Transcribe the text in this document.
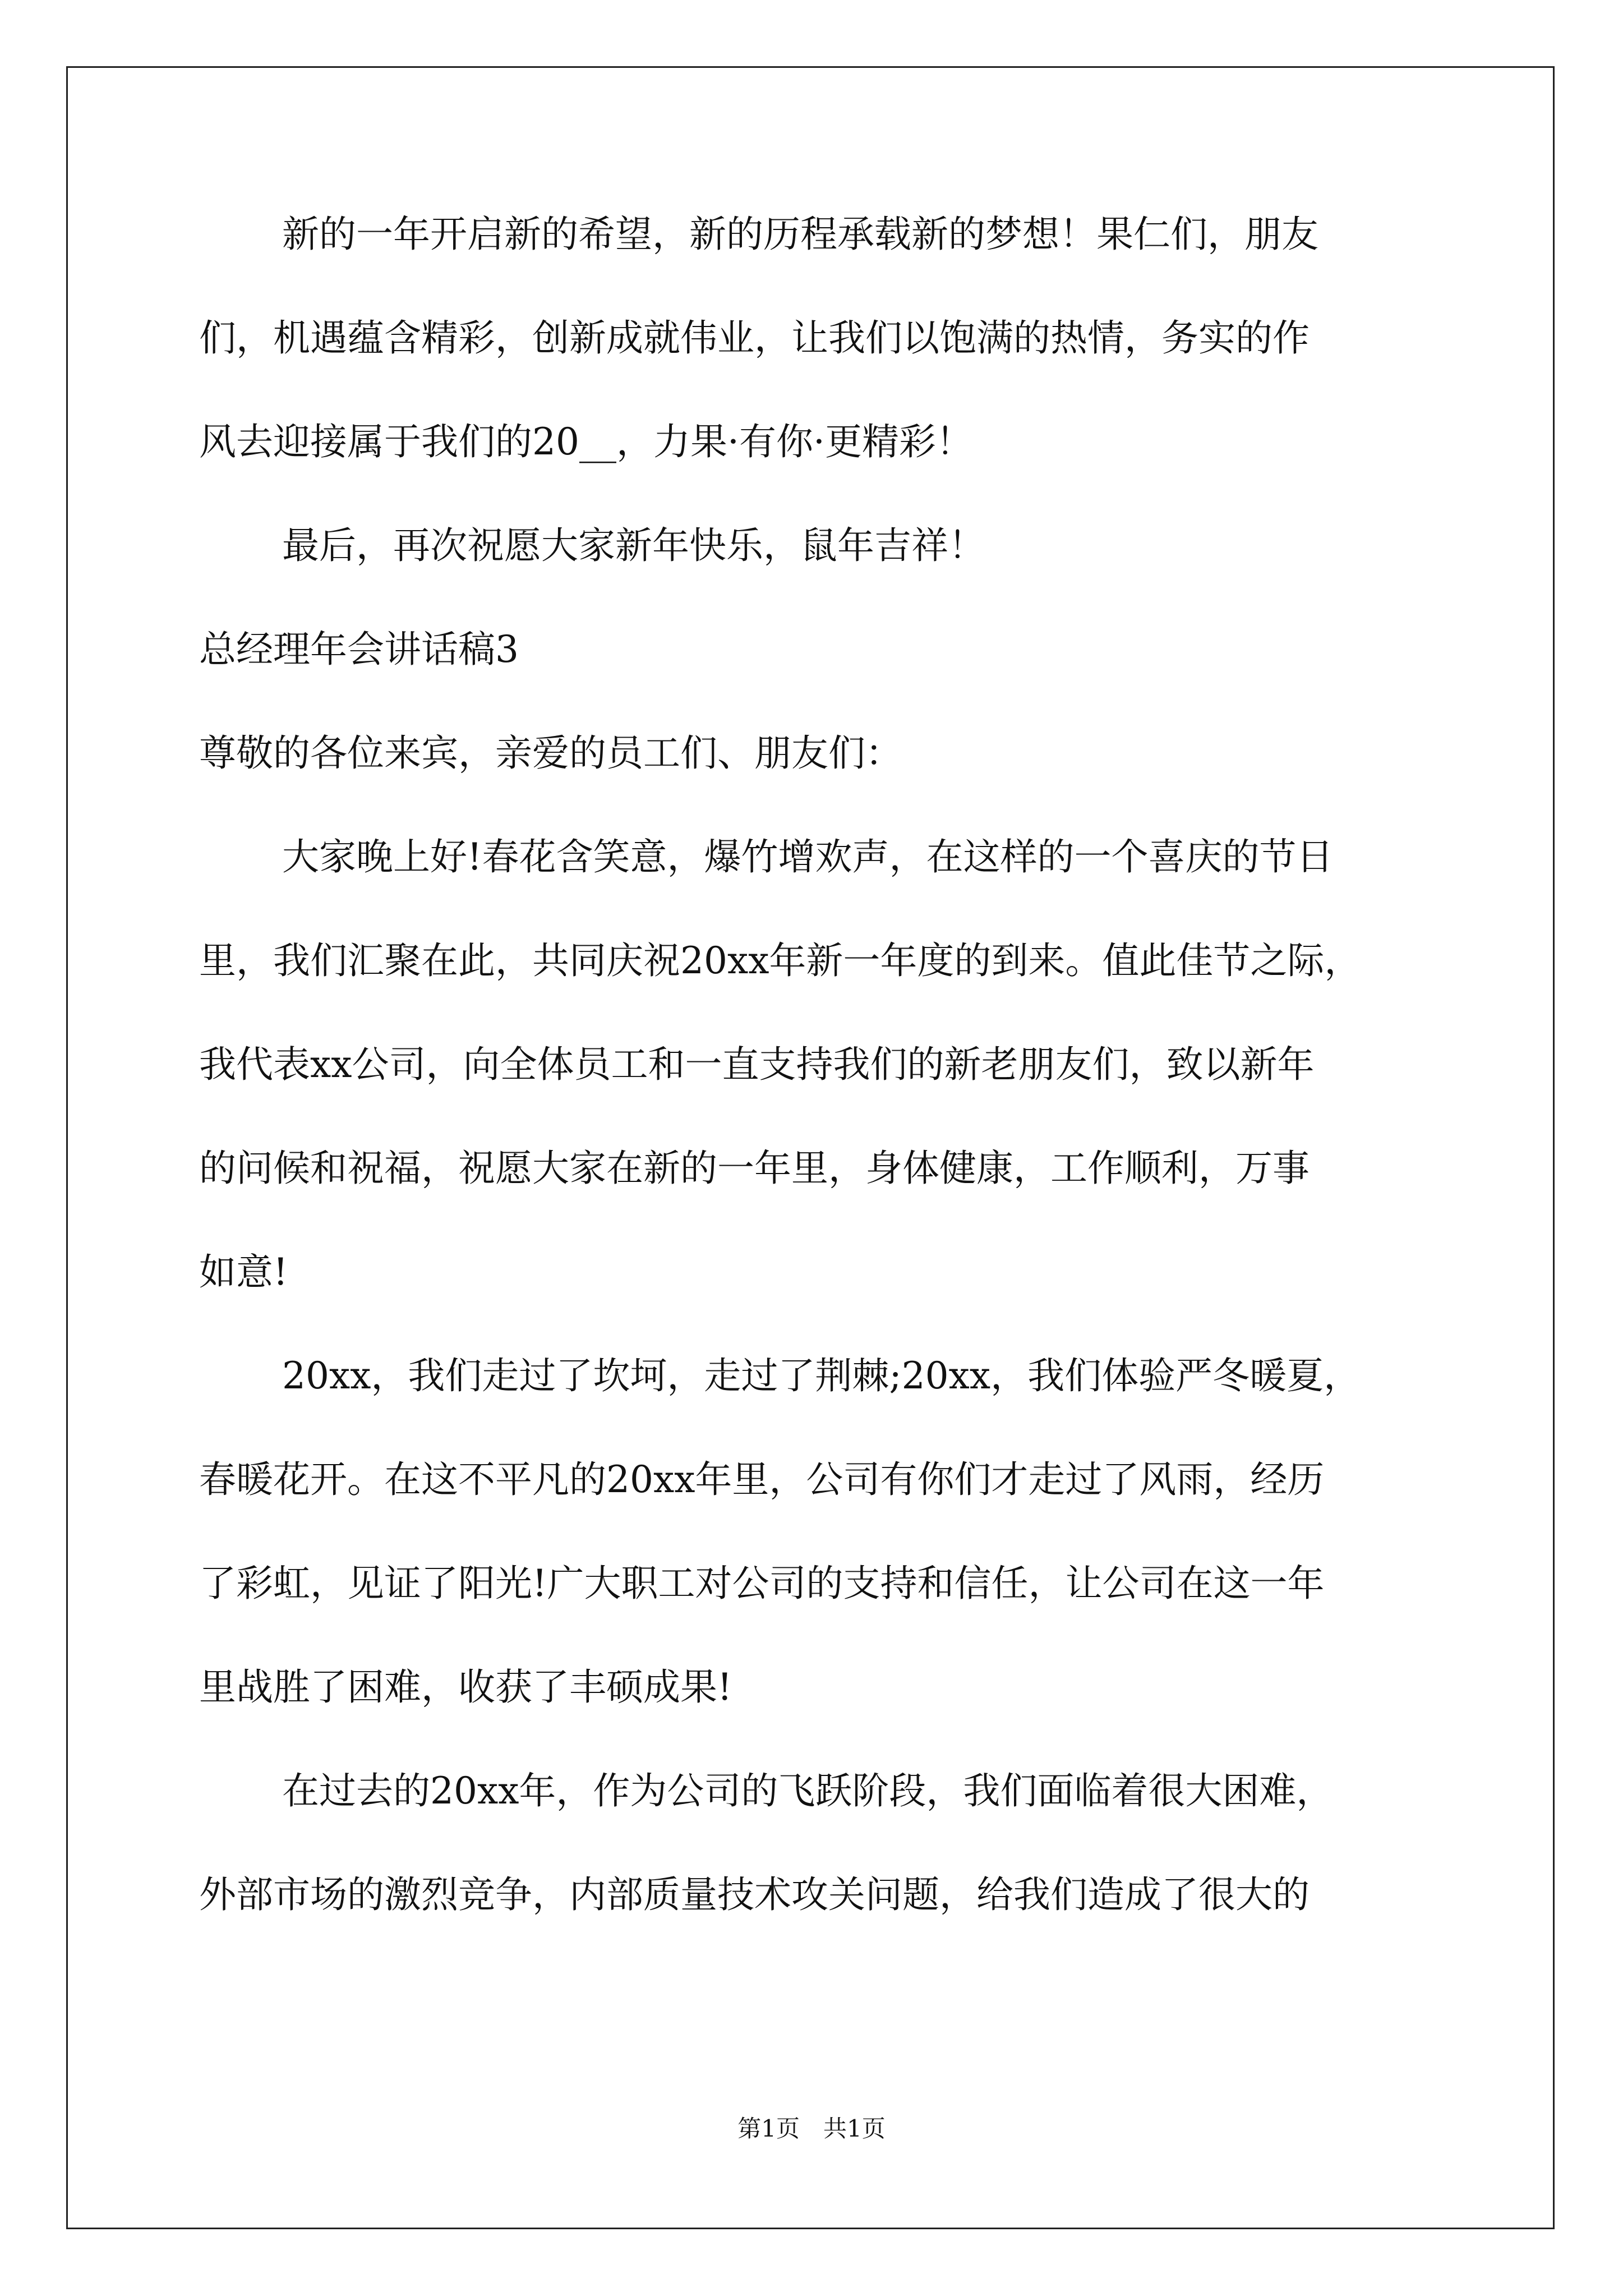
新的一年开启新的希望，新的历程承载新的梦想！果仁们，朋友
们，机遇蕴含精彩，创新成就伟业，让我们以饱满的热情，务实的作
风去迎接属于我们的20__，力果·有你·更精彩！
最后，再次祝愿大家新年快乐，鼠年吉祥！
总经理年会讲话稿3
尊敬的各位来宾，亲爱的员工们、朋友们：
大家晚上好!春花含笑意，爆竹增欢声，在这样的一个喜庆的节日
里，我们汇聚在此，共同庆祝20xx年新一年度的到来。值此佳节之际，
我代表xx公司，向全体员工和一直支持我们的新老朋友们，致以新年
的问候和祝福，祝愿大家在新的一年里，身体健康，工作顺利，万事
如意!
20xx，我们走过了坎坷，走过了荆棘;20xx，我们体验严冬暖夏，
春暖花开。在这不平凡的20xx年里，公司有你们才走过了风雨，经历
了彩虹，见证了阳光!广大职工对公司的支持和信任，让公司在这一年
里战胜了困难，收获了丰硕成果!
在过去的20xx年，作为公司的飞跃阶段，我们面临着很大困难，
外部市场的激烈竞争，内部质量技术攻关问题，给我们造成了很大的
第1页　共1页
